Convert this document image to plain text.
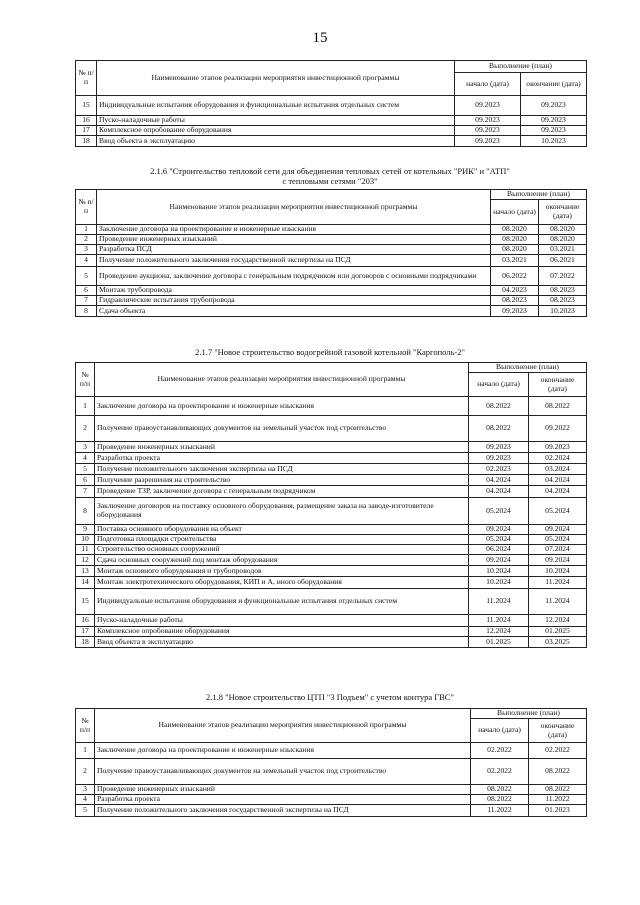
15
№ п/п	Наименование этапов реализации мероприятия инвестиционной программы	Выполнение (план)	
		начало (дата)	окончание (дата)
15	Индивидуальные испытания оборудования и функциональные испытания отдельных систем	09.2023	09.2023
16	Пуско-наладочные работы	09.2023	09.2023
17	Комплексное опробование оборудования	09.2023	09.2023
18	Ввод объекта в эксплуатацию	09.2023	10.2023
2.1.6 "Строительство тепловой сети для объединения тепловых сетей от котельных "РИК" и "АТП"
с тепловыми сетями "203"
№ п/п	Наименование этапов реализации мероприятия инвестиционной программы	Выполнение (план)	
		начало (дата)	окончание (дата)
1	Заключение договора на проектирование и инженерные изыскания	08.2020	08.2020
2	Проведение инженерных изысканий	08.2020	08.2020
3	Разработка ПСД	08.2020	03.2021
4	Получение положительного заключения государственной экспертизы на ПСД	03.2021	06.2021
5	Проведение аукциона, заключение договора с генеральным подрядчиком или договоров с основными подрядчиками	06.2022	07.2022
6	Монтаж трубопровода	04.2023	08.2023
7	Гидравлические испытания трубопровода	08.2023	08.2023
8	Сдача объекта	09.2023	10.2023
2.1.7 "Новое строительство водогрейной газовой котельной "Каргополь-2"
№ п/п	Наименование этапов реализации мероприятия инвестиционной программы	Выполнение (план)	
		начало (дата)	окончание (дата)
1	Заключение договора на проектирование и инженерные изыскания	08.2022	08.2022
2	Получение правоустанавливающих документов на земельный участок под строительство	08.2022	09.2022
3	Проведение инженерных изысканий	09.2023	09.2023
4	Разработка проекта	09.2023	02.2024
5	Получение положительного заключения экспертизы на ПСД	02.2023	03.2024
6	Получение разрешения на строительство	04.2024	04.2024
7	Проведение ТЗР, заключение договора с генеральным подрядчиком	04.2024	04.2024
8	Заключение договоров на поставку основного оборудования, размещение заказа на заводе-изготовителе оборудования	05.2024	05.2024
9	Поставка основного оборудования на объект	09.2024	09.2024
10	Подготовка площадки строительства	05.2024	05.2024
11	Строительство основных сооружений	06.2024	07.2024
12	Сдача основных сооружений под монтаж оборудования	09.2024	09.2024
13	Монтаж основного оборудования и трубопроводов	10.2024	10.2024
14	Монтаж электротехнического оборудования, КИП и А, иного оборудования	10.2024	11.2024
15	Индивидуальные испытания оборудования и функциональные испытания отдельных систем	11.2024	11.2024
16	Пуско-наладочные работы	11.2024	12.2024
17	Комплексное опробование оборудования	12.2024	01.2025
18	Ввод объекта в эксплуатацию	01.2025	03.2025
2.1.8 "Новое строительство ЦТП "3 Подъем" с учетом контура ГВС"
№ п/п	Наименование этапов реализации мероприятия инвестиционной программы	Выполнение (план)	
		начало (дата)	окончание (дата)
1	Заключение договора на проектирование и инженерные изыскания	02.2022	02.2022
2	Получение правоустанавливающих документов на земельный участок под строительство	02.2022	08.2022
3	Проведение инженерных изысканий	08.2022	08.2022
4	Разработка проекта	08.2022	11.2022
5	Получение положительного заключения государственной экспертизы на ПСД	11.2022	01.2023
